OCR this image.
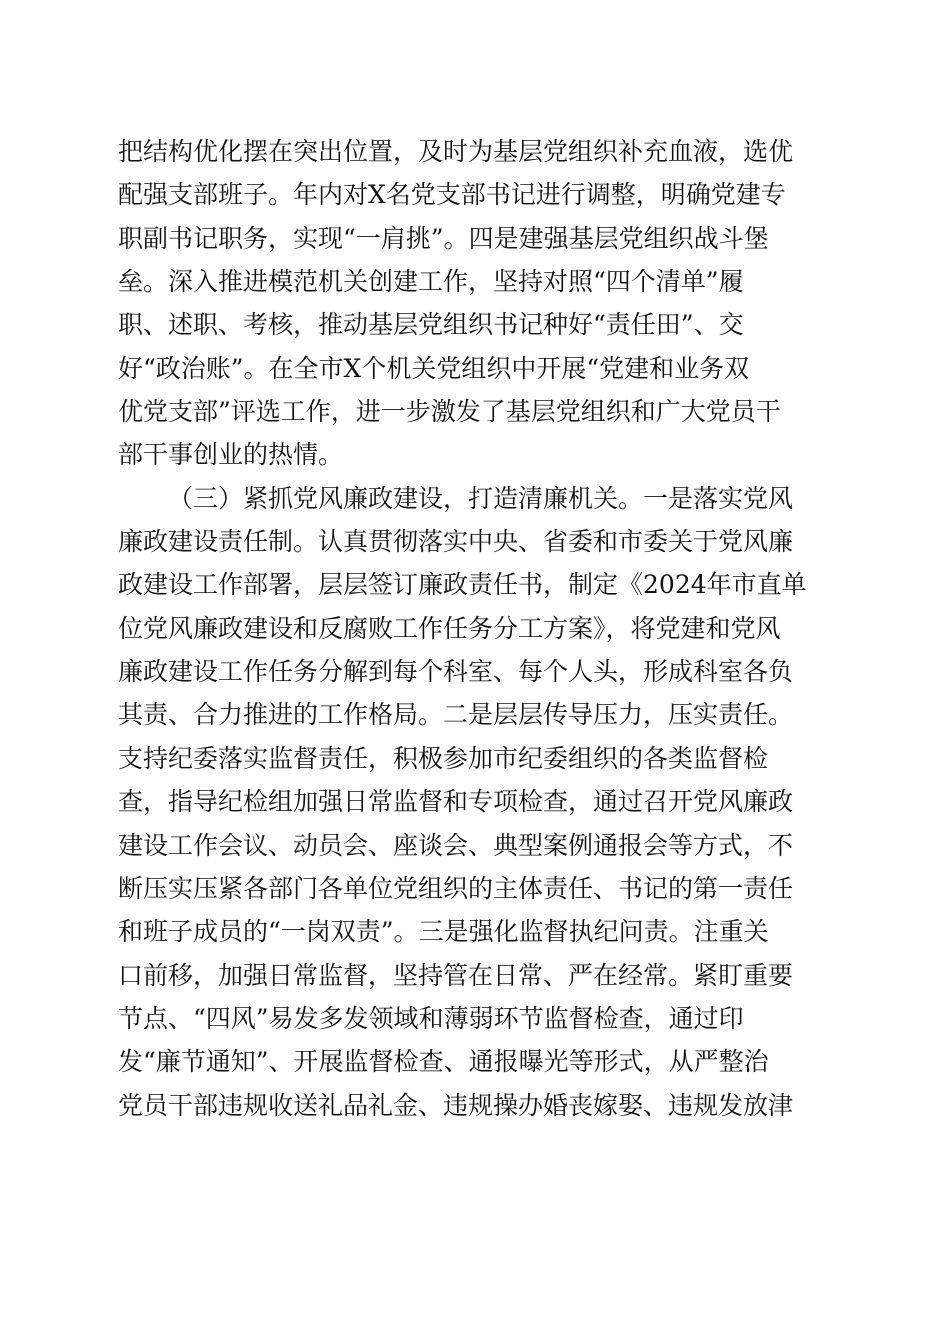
把结构优化摆在突出位置，及时为基层党组织补充血液，选优
配强支部班子。年内对X名党支部书记进行调整，明确党建专
职副书记职务，实现“一肩挑”。四是建强基层党组织战斗堡
垒。深入推进模范机关创建工作，坚持对照“四个清单”履
职、述职、考核，推动基层党组织书记种好“责任田”、交
好“政治账”。在全市X个机关党组织中开展“党建和业务双
优党支部”评选工作，进一步激发了基层党组织和广大党员干
部干事创业的热情。
（三）紧抓党风廉政建设，打造清廉机关。一是落实党风
廉政建设责任制。认真贯彻落实中央、省委和市委关于党风廉
政建设工作部署，层层签订廉政责任书，制定《2024年市直单
位党风廉政建设和反腐败工作任务分工方案》，将党建和党风
廉政建设工作任务分解到每个科室、每个人头，形成科室各负
其责、合力推进的工作格局。二是层层传导压力，压实责任。
支持纪委落实监督责任，积极参加市纪委组织的各类监督检
查，指导纪检组加强日常监督和专项检查，通过召开党风廉政
建设工作会议、动员会、座谈会、典型案例通报会等方式，不
断压实压紧各部门各单位党组织的主体责任、书记的第一责任
和班子成员的“一岗双责”。三是强化监督执纪问责。注重关
口前移，加强日常监督，坚持管在日常、严在经常。紧盯重要
节点、“四风”易发多发领域和薄弱环节监督检查，通过印
发“廉节通知”、开展监督检查、通报曝光等形式，从严整治
党员干部违规收送礼品礼金、违规操办婚丧嫁娶、违规发放津
